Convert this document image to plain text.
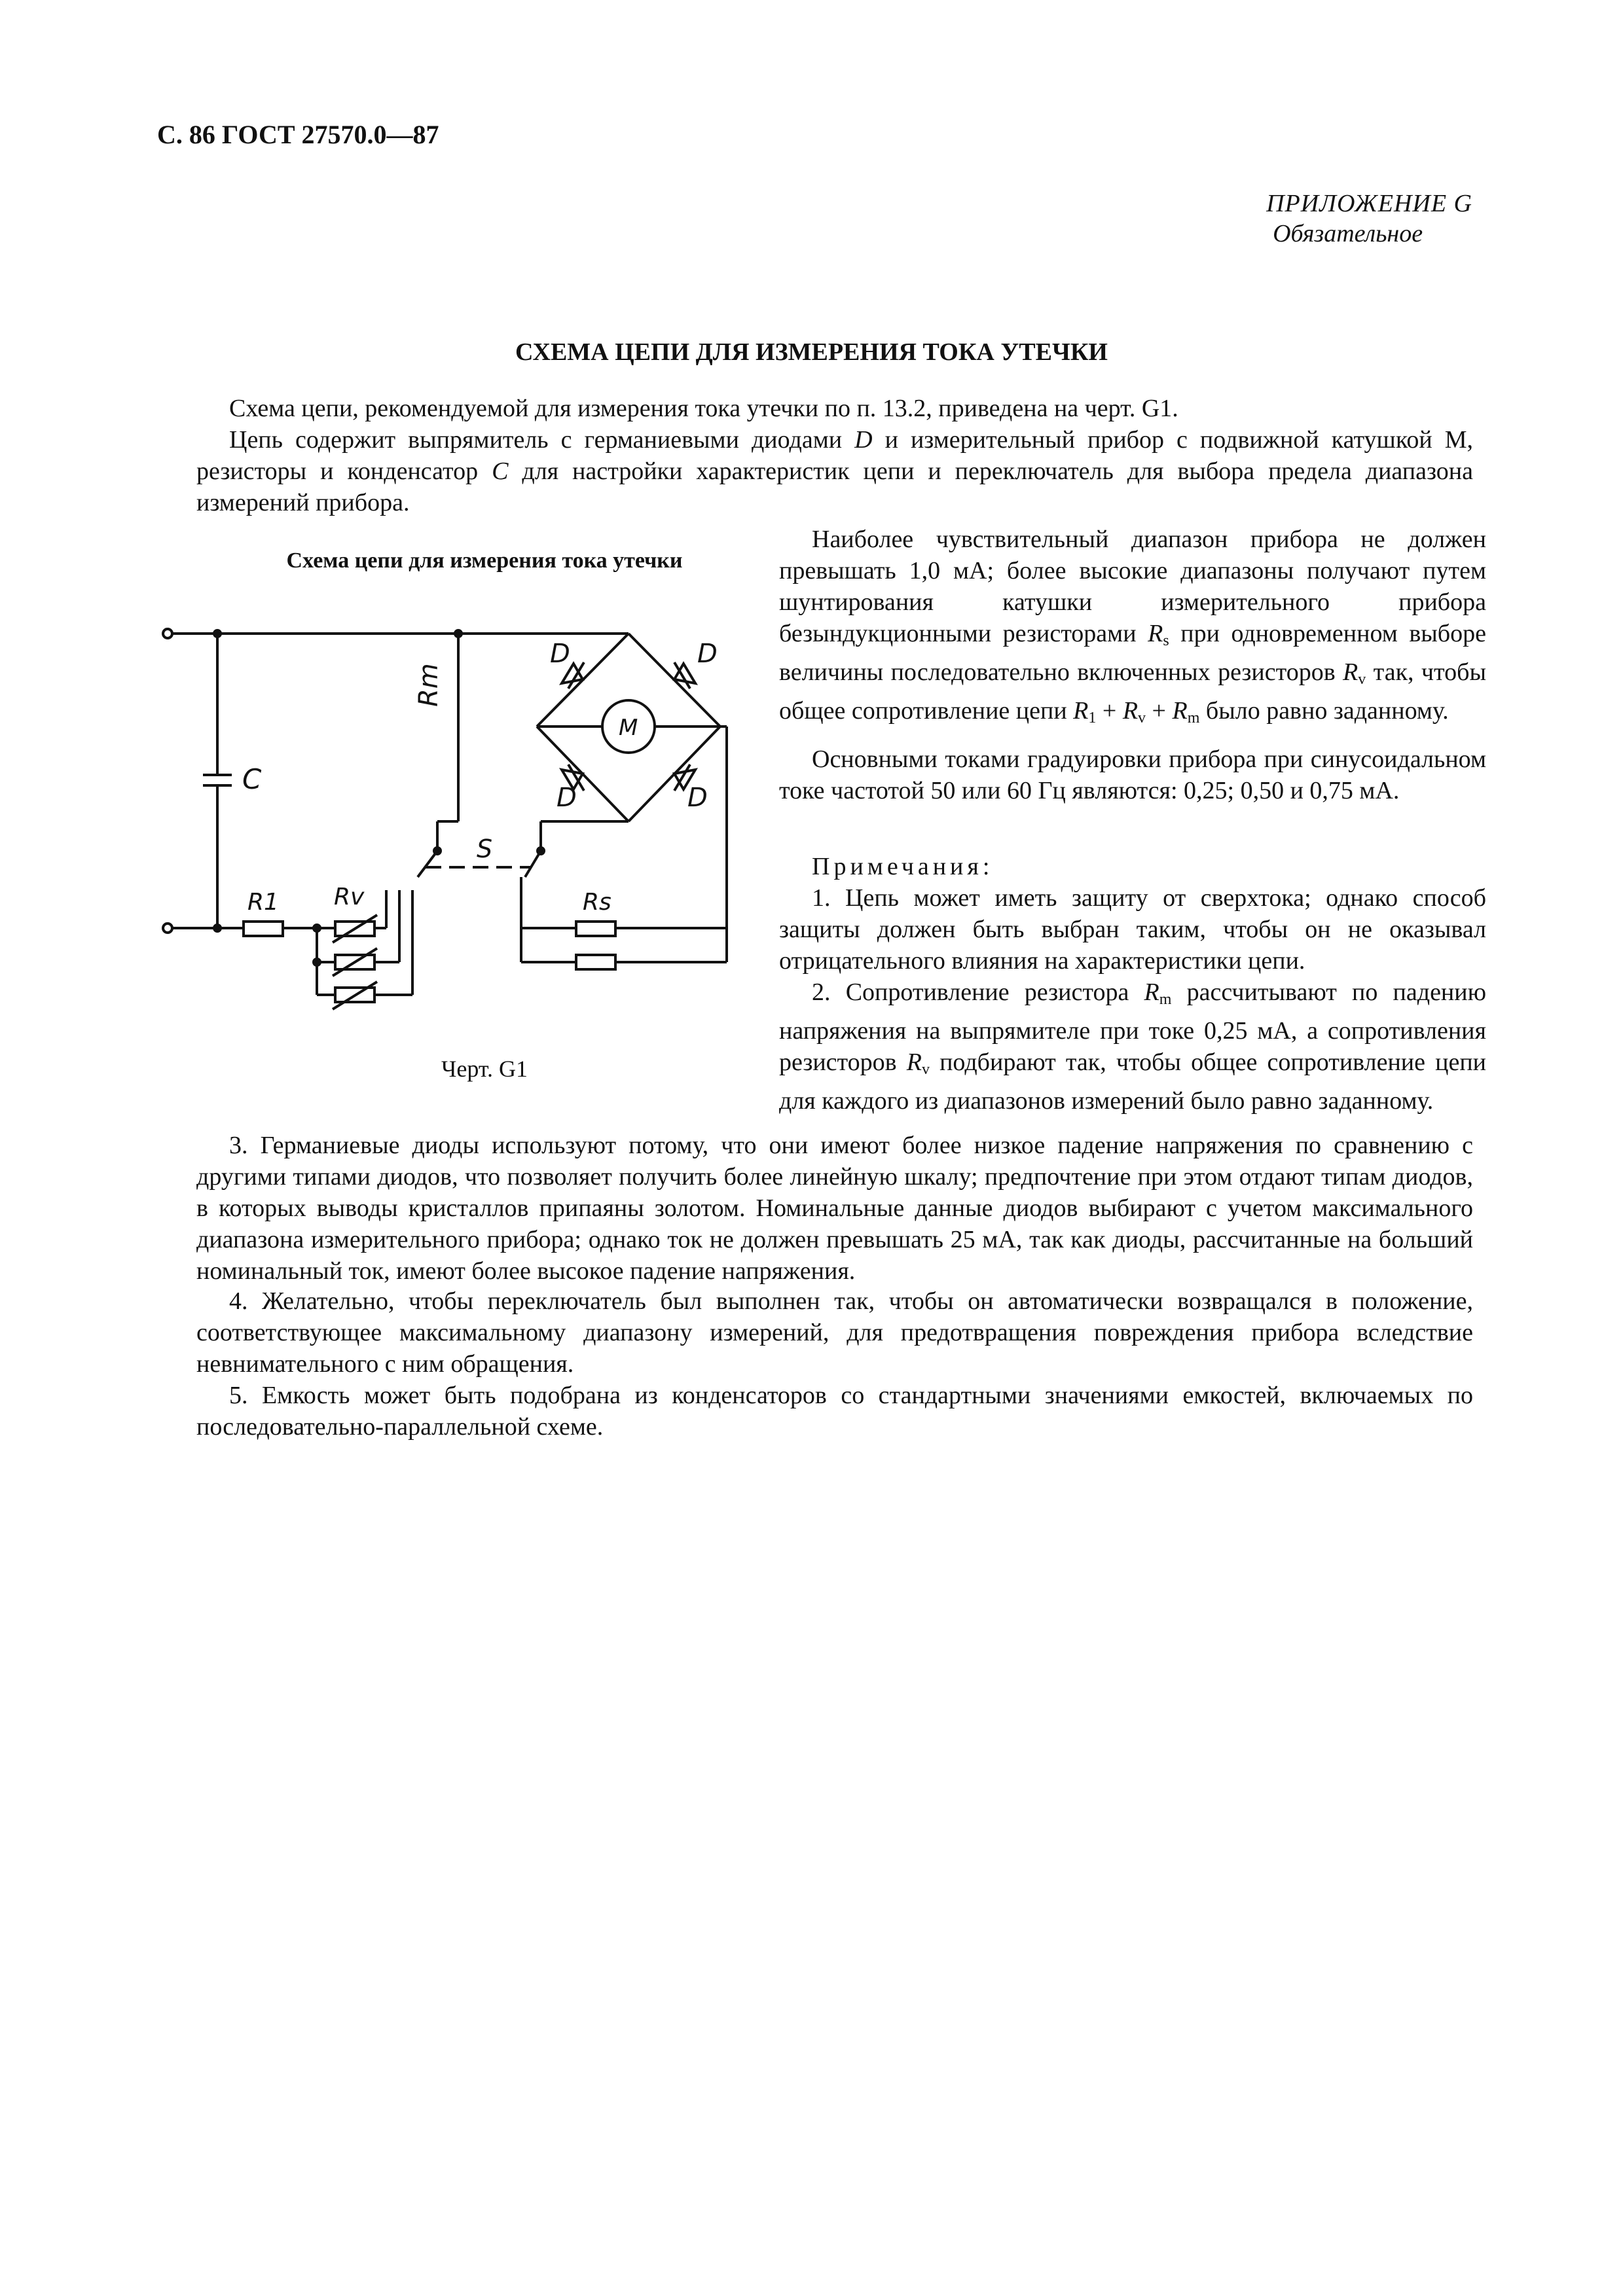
С. 86 ГОСТ 27570.0—87
ПРИЛОЖЕНИЕ G
Обязательное
СХЕМА ЦЕПИ ДЛЯ ИЗМЕРЕНИЯ ТОКА УТЕЧКИ
Схема цепи, рекомендуемой для измерения тока утечки по п. 13.2, приведена на черт. G1.
Цепь содержит выпрямитель с германиевыми диодами D и измерительный прибор с подвижной катушкой М, резисторы и конденсатор C для настройки характеристик цепи и переключатель для выбора предела диапазона измерений прибора.
Схема цепи для измерения тока утечки
D	D
D	D
M
Rm
C
S
R1 Rv	Rs
Черт. G1
Наиболее чувствительный диапазон прибора не должен превышать 1,0 мА; более высокие диапазоны получают путем шунтирования катушки измерительного прибора безындукционными резисторами $R_s$ при одновременном выборе величины последовательно включенных резисторов $R_v$ так, чтобы общее сопротивление цепи $R_1 + R_v + R_m$ было равно заданному.
Основными токами градуировки прибора при синусоидальном токе частотой 50 или 60 Гц являются: 0,25; 0,50 и 0,75 мА.
Примечания:
1. Цепь может иметь защиту от сверхтока; однако способ защиты должен быть выбран таким, чтобы он не оказывал отрицательного влияния на характеристики цепи.
2. Сопротивление резистора $R_m$ рассчитывают по падению напряжения на выпрямителе при токе 0,25 мА, а сопротивления резисторов $R_v$ подбирают так, чтобы общее сопротивление цепи для каждого из диапазонов измерений было равно заданному.
3. Германиевые диоды используют потому, что они имеют более низкое падение напряжения по сравнению с другими типами диодов, что позволяет получить более линейную шкалу; предпочтение при этом отдают типам диодов, в которых выводы кристаллов припаяны золотом. Номинальные данные диодов выбирают с учетом максимального диапазона измерительного прибора; однако ток не должен превышать 25 мА, так как диоды, рассчитанные на больший номинальный ток, имеют более высокое падение напряжения.
4. Желательно, чтобы переключатель был выполнен так, чтобы он автоматически возвращался в положение, соответствующее максимальному диапазону измерений, для предотвращения повреждения прибора вследствие невнимательного с ним обращения.
5. Емкость может быть подобрана из конденсаторов со стандартными значениями емкостей, включаемых по последовательно-параллельной схеме.
